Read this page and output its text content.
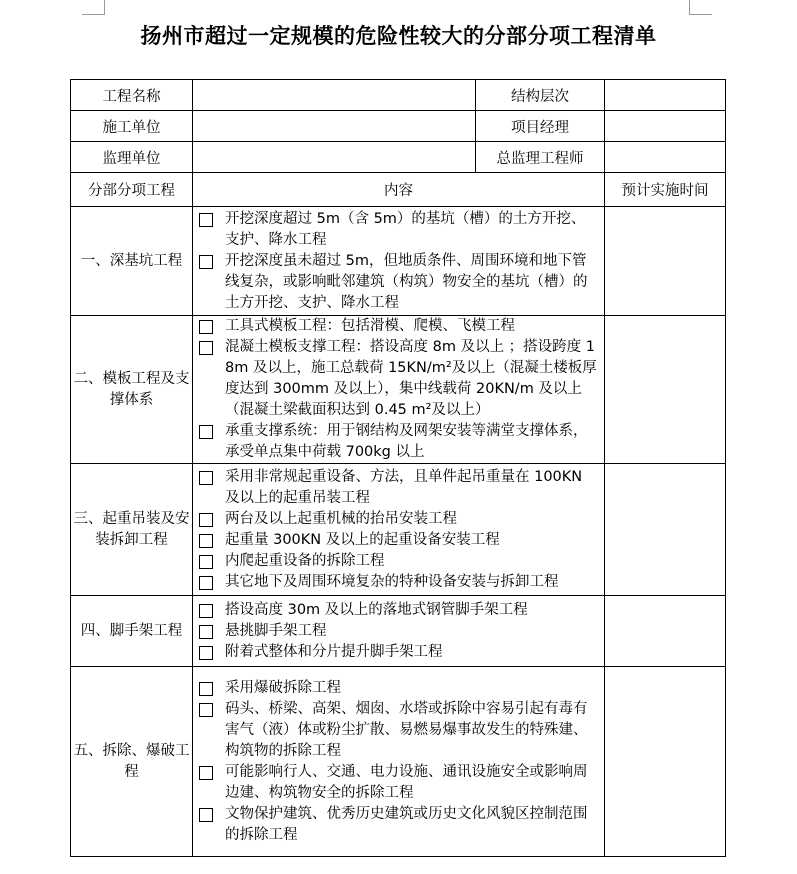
扬州市超过一定规模的危险性较大的分部分项工程清单
工程名称		结构层次	
施工单位		项目经理	
监理单位		总监理工程师	
分部分项工程	内容		预计实施时间
一、深基坑工程	开挖深度超过 5m（含 5m）的基坑（槽）的土方开挖、支护、降水工程
开挖深度虽未超过 5m，但地质条件、周围环境和地下管线复杂，或影响毗邻建筑（构筑）物安全的基坑（槽）的土方开挖、支护、降水工程		

二、模板工程及支撑体系	工具式模板工程：包括滑模、爬模、飞模工程
混凝土模板支撑工程：搭设高度 8m 及以上 ；搭设跨度 18m 及以上，施工总载荷 15KN/m²及以上（混凝土楼板厚度达到 300mm 及以上），集中线载荷 20KN/m 及以上 （混凝土梁截面积达到 0.45 m²及以上）
承重支撑系统：用于钢结构及网架安装等满堂支撑体系，承受单点集中荷载 700kg 以上		

三、起重吊装及安装拆卸工程	采用非常规起重设备、方法，且单件起吊重量在 100KN 及以上的起重吊装工程
两台及以上起重机械的抬吊安装工程
起重量 300KN 及以上的起重设备安装工程
内爬起重设备的拆除工程
其它地下及周围环境复杂的特种设备安装与拆卸工程		

四、脚手架工程	搭设高度 30m 及以上的落地式钢管脚手架工程
悬挑脚手架工程
附着式整体和分片提升脚手架工程		

五、拆除、爆破工程	采用爆破拆除工程
码头、桥梁、高架、烟囱、水塔或拆除中容易引起有毒有害气（液）体或粉尘扩散、易燃易爆事故发生的特殊建、构筑物的拆除工程
可能影响行人、交通、电力设施、通讯设施安全或影响周边建、构筑物安全的拆除工程
文物保护建筑、优秀历史建筑或历史文化风貌区控制范围的拆除工程		
